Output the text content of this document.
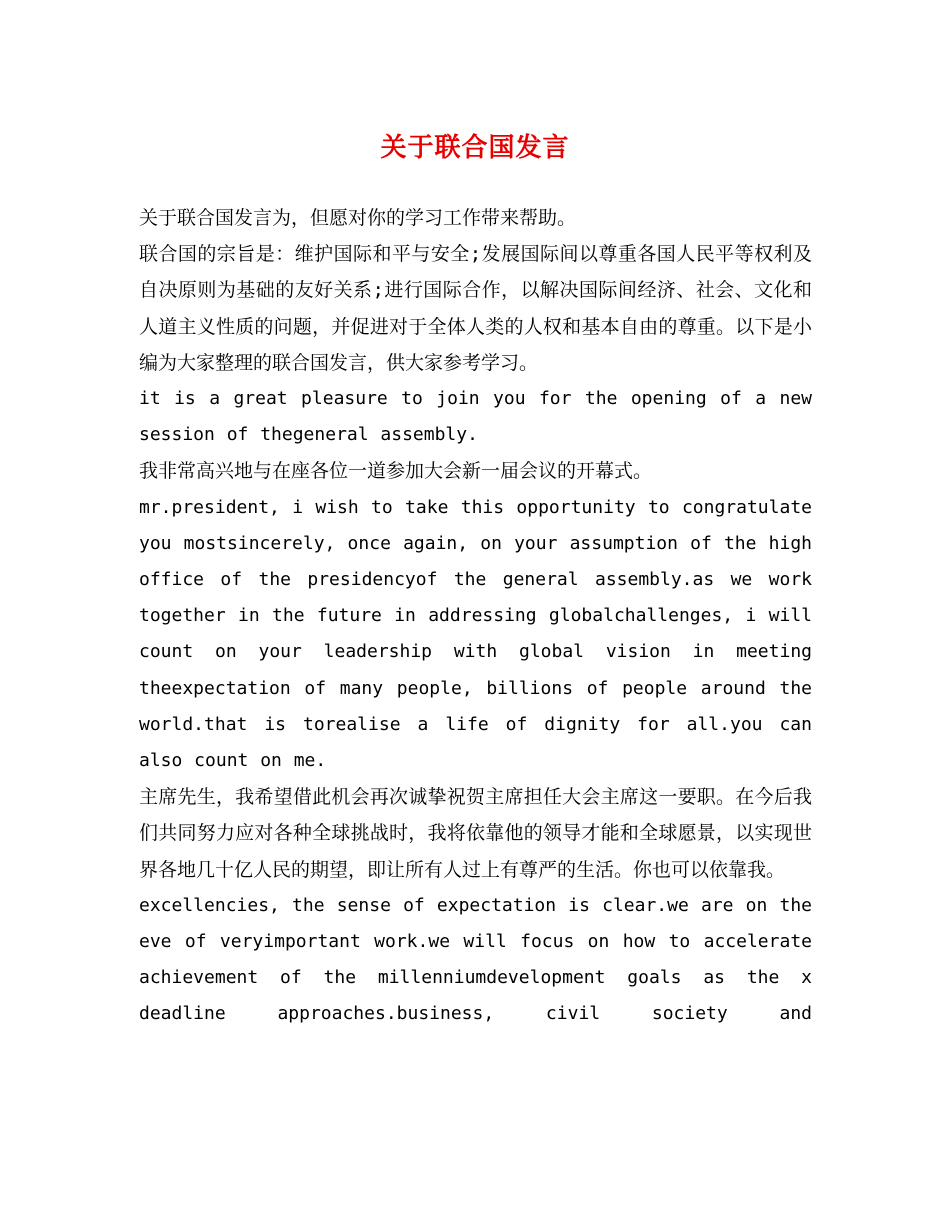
关于联合国发言

关于联合国发言为，但愿对你的学习工作带来帮助。

联合国的宗旨是：维护国际和平与安全;发展国际间以尊重各国人民平等权利及自决原则为基础的友好关系;进行国际合作，以解决国际间经济、社会、文化和人道主义性质的问题，并促进对于全体人类的人权和基本自由的尊重。以下是小编为大家整理的联合国发言，供大家参考学习。

it is a great pleasure to join you for the opening of a new session of thegeneral assembly.

我非常高兴地与在座各位一道参加大会新一届会议的开幕式。

mr.president, i wish to take this opportunity to congratulate you mostsincerely, once again, on your assumption of the high office of the presidencyof the general assembly.as we work together in the future in addressing globalchallenges, i will count on your leadership with global vision in meeting theexpectation of many people, billions of people around the world.that is torealise a life of dignity for all.you can also count on me.

主席先生，我希望借此机会再次诚挚祝贺主席担任大会主席这一要职。在今后我们共同努力应对各种全球挑战时，我将依靠他的领导才能和全球愿景，以实现世界各地几十亿人民的期望，即让所有人过上有尊严的生活。你也可以依靠我。

excellencies, the sense of expectation is clear.we are on the eve of veryimportant work.we will focus on how to accelerate achievement of the millenniumdevelopment goals as the x deadline approaches.business, civil society and
